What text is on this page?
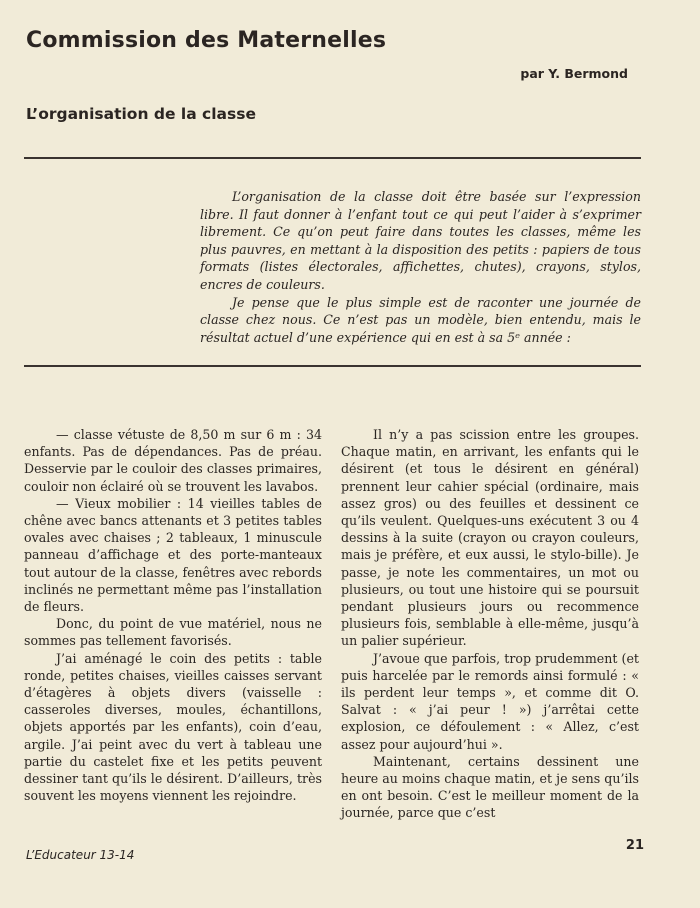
Commission des Maternelles
par Y. Bermond
L’organisation de la classe

L’organisation de la classe doit être basée sur l’expression libre. Il faut donner à l’enfant tout ce qui peut l’aider à s’exprimer librement. Ce qu’on peut faire dans toutes les classes, même les plus pauvres, en mettant à la disposition des petits : papiers de tous formats (listes électorales, affichettes, chutes), crayons, stylos, encres de couleurs.

Je pense que le plus simple est de raconter une journée de classe chez nous. Ce n’est pas un modèle, bien entendu, mais le résultat actuel d’une expérience qui en est à sa 5ᵉ année :

— classe vétuste de 8,50 m sur 6 m : 34 enfants. Pas de dépendances. Pas de préau. Desservie par le couloir des classes primaires, couloir non éclairé où se trouvent les lavabos.

— Vieux mobilier : 14 vieilles tables de chêne avec bancs attenants et 3 petites tables ovales avec chaises ; 2 tableaux, 1 minuscule panneau d’affichage et des porte-manteaux tout autour de la classe, fenêtres avec rebords inclinés ne permettant même pas l’installation de fleurs.

Donc, du point de vue matériel, nous ne sommes pas tellement favorisés.

J’ai aménagé le coin des petits : table ronde, petites chaises, vieilles caisses servant d’étagères à objets divers (vaisselle : casseroles diverses, moules, échantillons, objets apportés par les enfants), coin d’eau, argile. J’ai peint avec du vert à tableau une partie du castelet fixe et les petits peuvent dessiner tant qu’ils le désirent. D’ailleurs, très souvent les moyens viennent les rejoindre.

Il n’y a pas scission entre les groupes. Chaque matin, en arrivant, les enfants qui le désirent (et tous le désirent en général) prennent leur cahier spécial (ordinaire, mais assez gros) ou des feuilles et dessinent ce qu’ils veulent. Quelques-uns exécutent 3 ou 4 dessins à la suite (crayon ou crayon couleurs, mais je préfère, et eux aussi, le stylo-bille). Je passe, je note les commentaires, un mot ou plusieurs, ou tout une histoire qui se poursuit pendant plusieurs jours ou recommence plusieurs fois, semblable à elle-même, jusqu’à un palier supérieur.

J’avoue que parfois, trop prudemment (et puis harcelée par le remords ainsi formulé : « ils perdent leur temps », et comme dit O. Salvat : « j’ai peur ! ») j’arrêtai cette explosion, ce défoulement : « Allez, c’est assez pour aujourd’hui ».

Maintenant, certains dessinent une heure au moins chaque matin, et je sens qu’ils en ont besoin. C’est le meilleur moment de la journée, parce que c’est

L’Educateur 13-14
21
